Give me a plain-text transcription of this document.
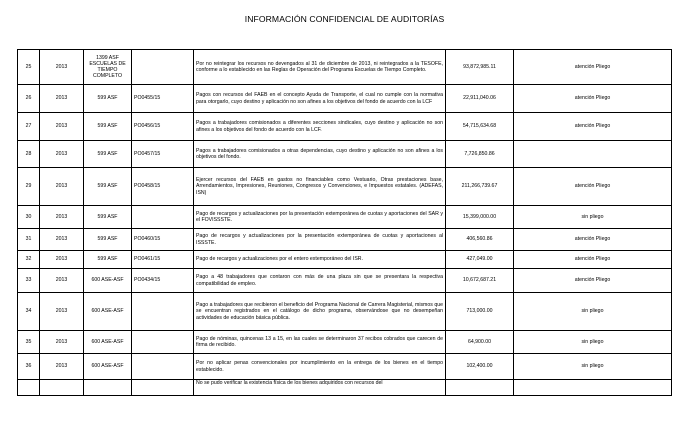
INFORMACIÓN CONFIDENCIAL DE AUDITORÍAS
25	2013	1399 ASF ESCUELAS DE TIEMPO COMPLETO		Por no reintegrar los recursos no devengados al 31 de diciembre de 2013, ni reintegrados a la TESOFE, conforme a lo establecido en las Reglas de Operación del Programa Escuelas de Tiempo Completo.	93,872,985.11	atención Pliego
26	2013	599 ASF	PO0455/15	Pagos con recursos del FAEB en el concepto Ayuda de Transporte, el cual no cumple con la normativa para otorgarlo, cuyo destino y aplicación no son afines a los objetivos del fondo de acuerdo con la LCF	22,911,040.06	atención Pliego
27	2013	599 ASF	PO0456/15	Pagos a trabajadores comisionados a diferentes secciones sindicales, cuyo destino y aplicación no son afines a los objetivos del fondo de acuerdo con la LCF.	54,715,634.68	atención Pliego
28	2013	599 ASF	PO0457/15	Pagos a trabajadores comisionados a otras dependencias, cuyo destino y aplicación no son afines a los objetivos del fondo.	7,726,850.86	
29	2013	599 ASF	PO0458/15	Ejercer recursos del FAEB en gastos no financiables como Vestuario, Otras prestaciones base, Arrendamientos, Impresiones, Reuniones, Congresos y Convenciones, e Impuestos estatales. (ADEFAS, ISN)	211,266,739.67	atención Pliego
30	2013	599 ASF		Pago de recargos y actualizaciones por la presentación extemporánea de cuotas y aportaciones del SAR y el FOVISSSTE.	15,399,000.00	sin pliego
31	2013	599 ASF	PO0460/15	Pago de recargos y actualizaciones por la presentación extemporánea de cuotas y aportaciones al ISSSTE.	406,560.86	atención Pliego
32	2013	599 ASF	PO0461/15	Pago de recargos y actualizaciones por el entero extemporáneo del ISR.	427,049.00	atención Pliego
33	2013	600 ASE-ASF	PO0434/15	Pago a 48 trabajadores que contaron con más de una plaza sin que se presentara la respectiva compatibilidad de empleo.	10,672,687.21	atención Pliego
34	2013	600 ASE-ASF		Pago a trabajadores que recibieron el beneficio del Programa Nacional de Carrera Magisterial, mismos que se encuentran registrados en el catálogo de dicho programa, observándose que no desempeñan actividades de educación básica pública.	713,000.00	sin pliego
35	2013	600 ASE-ASF		Pago de nóminas, quincenas 13 a 15, en las cuales se determinaron 37 recibos cobrados que carecen de firma de recibido.	64,900.00	sin pliego
36	2013	600 ASE-ASF		Por no aplicar penas convencionales por incumplimiento en la entrega de los bienes en el tiempo establecido.	102,400.00	sin pliego
				No se pudo verificar la existencia física de los bienes adquiridos con recursos del		
